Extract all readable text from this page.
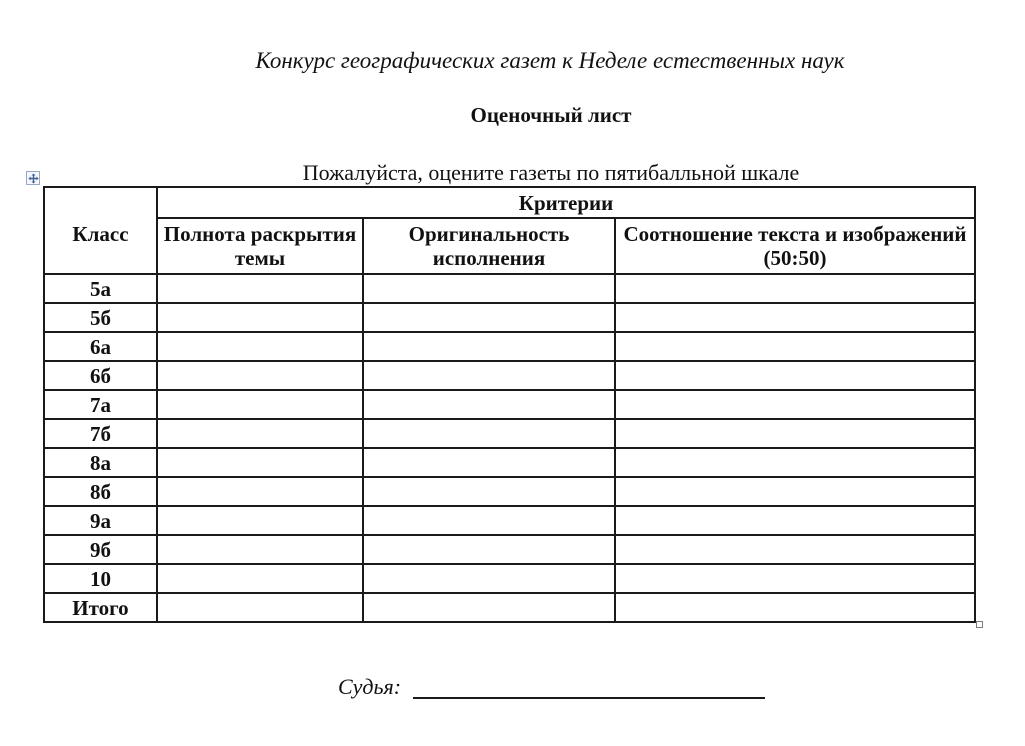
Конкурс географических газет к Неделе естественных наук
Оценочный лист
Пожалуйста, оцените газеты по пятибалльной шкале
Класс	Критерии		
	Полнота раскрытия темы	Оригинальность исполнения	Соотношение текста и изображений (50:50)
5а			
5б			
6а			
6б			
7а			
7б			
8а			
8б			
9а			
9б			
10			
Итого			
Судья:
